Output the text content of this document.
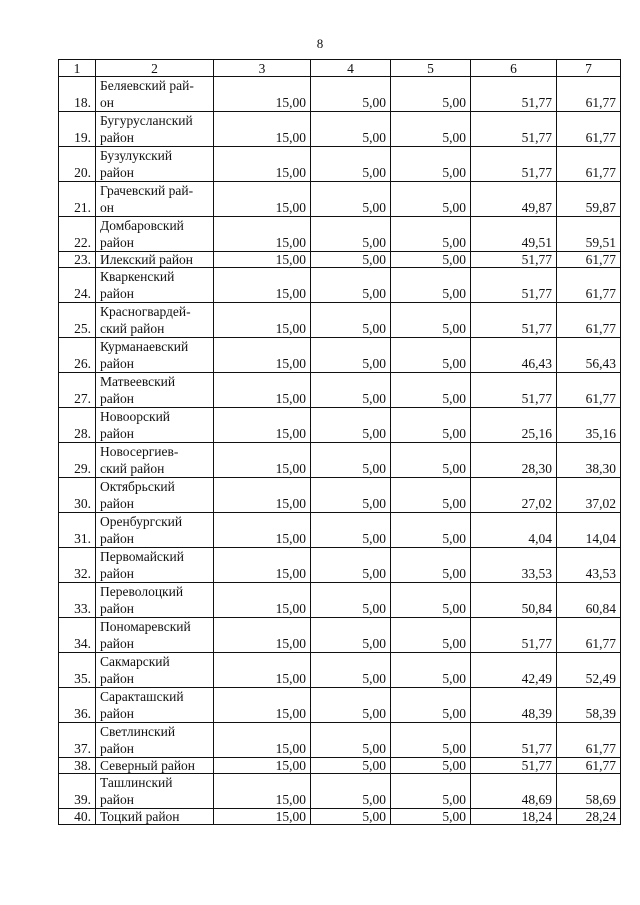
8
1	2	3	4	5	6	7
18.	Беляевский рай-
он	15,00	5,00	5,00	51,77	61,77
19.	Бугурусланский
район	15,00	5,00	5,00	51,77	61,77
20.	Бузулукский
район	15,00	5,00	5,00	51,77	61,77
21.	Грачевский рай-
он	15,00	5,00	5,00	49,87	59,87
22.	Домбаровский
район	15,00	5,00	5,00	49,51	59,51
23.	Илекский район	15,00	5,00	5,00	51,77	61,77
24.	Кваркенский
район	15,00	5,00	5,00	51,77	61,77
25.	Красногвардей-
ский район	15,00	5,00	5,00	51,77	61,77
26.	Курманаевский
район	15,00	5,00	5,00	46,43	56,43
27.	Матвеевский
район	15,00	5,00	5,00	51,77	61,77
28.	Новоорский
район	15,00	5,00	5,00	25,16	35,16
29.	Новосергиев-
ский район	15,00	5,00	5,00	28,30	38,30
30.	Октябрьский
район	15,00	5,00	5,00	27,02	37,02
31.	Оренбургский
район	15,00	5,00	5,00	4,04	14,04
32.	Первомайский
район	15,00	5,00	5,00	33,53	43,53
33.	Переволоцкий
район	15,00	5,00	5,00	50,84	60,84
34.	Пономаревский
район	15,00	5,00	5,00	51,77	61,77
35.	Сакмарский
район	15,00	5,00	5,00	42,49	52,49
36.	Саракташский
район	15,00	5,00	5,00	48,39	58,39
37.	Светлинский
район	15,00	5,00	5,00	51,77	61,77
38.	Северный район	15,00	5,00	5,00	51,77	61,77
39.	Ташлинский
район	15,00	5,00	5,00	48,69	58,69
40.	Тоцкий район	15,00	5,00	5,00	18,24	28,24
